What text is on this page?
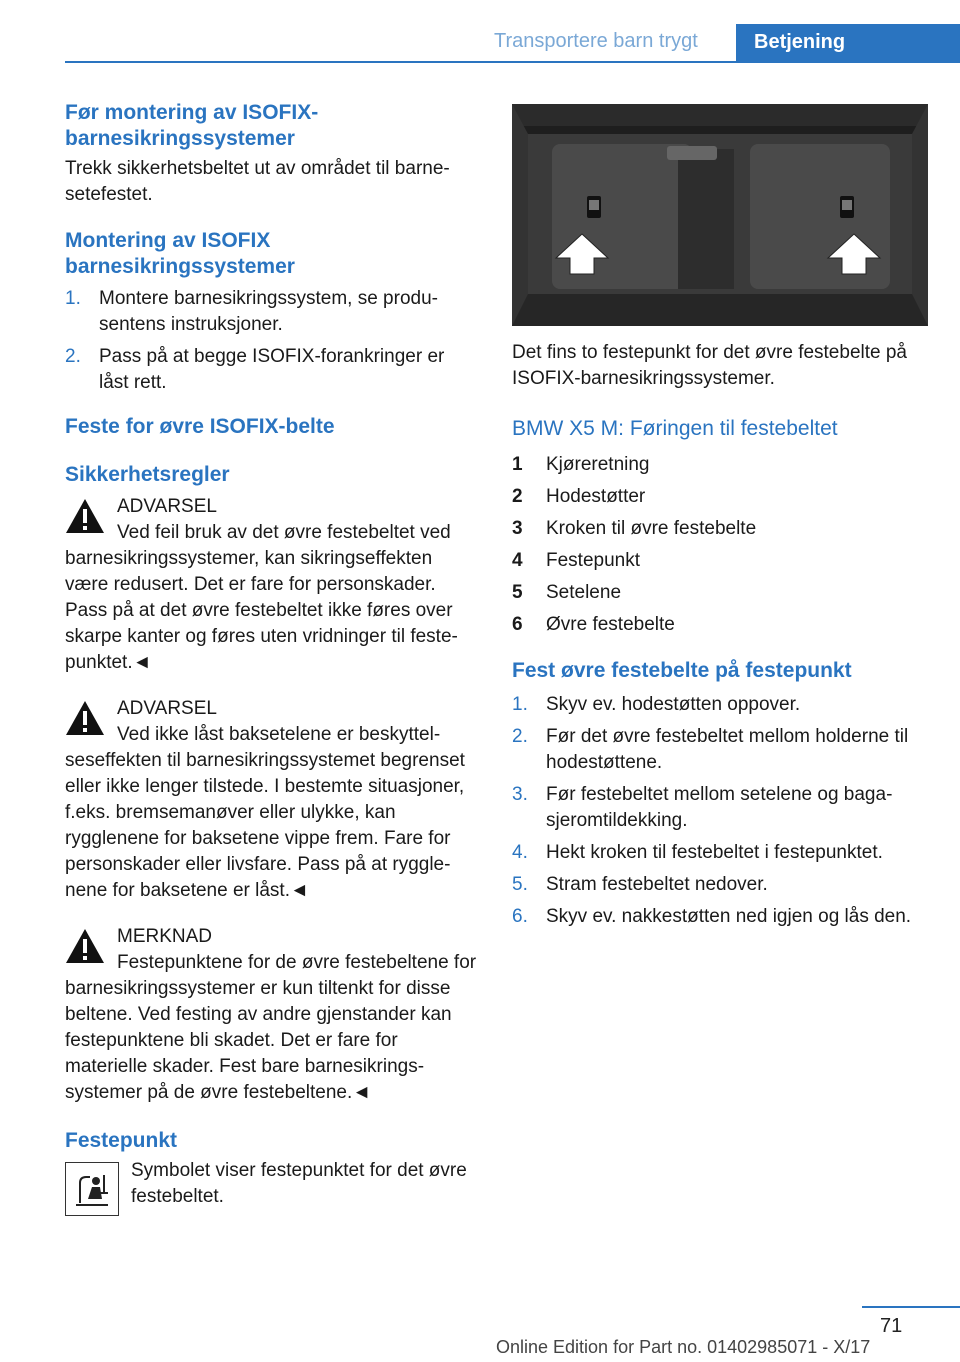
Transportere barn trygt	Betjening
Før montering av ISOFIX-barnesikringssystemer

Trekk sikkerhetsbeltet ut av området til barnesetefestet.

Montering av ISOFIX barnesikringssystemer
1. Montere barnesikringssystem, se produsentens instruksjoner.
2. Pass på at begge ISOFIX-forankringer er låst rett.
Feste for øvre ISOFIX-belte
Sikkerhetsregler

ADVARSEL

Ved feil bruk av det øvre festebeltet ved barnesikringssystemer, kan sikringseffekten være redusert. Det er fare for personskader. Pass på at det øvre festebeltet ikke føres over skarpe kanter og føres uten vridninger til festepunktet.◄

ADVARSEL

Ved ikke låst baksetelene er beskyttelseseffekten til barnesikringssystemet begrenset eller ikke lenger tilstede. I bestemte situasjoner, f.eks. bremsemanøver eller ulykke, kan rygglenene for baksetene vippe frem. Fare for personskader eller livsfare. Pass på at rygglenene for baksetene er låst.◄

MERKNAD

Festepunktene for de øvre festebeltene for barnesikringssystemer er kun tiltenkt for disse beltene. Ved festing av andre gjenstander kan festepunktene bli skadet. Det er fare for materielle skader. Fest bare barnesikringssystemer på de øvre festebeltene.◄

Festepunkt

Symbolet viser festepunktet for det øvre festebeltet.

Det fins to festepunkt for det øvre festebelte på ISOFIX-barnesikringssystemer.

BMW X5 M: Føringen til festebeltet
1 Kjøreretning
2 Hodestøtter
3 Kroken til øvre festebelte
4 Festepunkt
5 Setelene
6 Øvre festebelte
Fest øvre festebelte på festepunkt
1. Skyv ev. hodestøtten oppover.
2. Før det øvre festebeltet mellom holderne til hodestøttene.
3. Før festebeltet mellom setelene og bagasjeromtildekking.
4. Hekt kroken til festebeltet i festepunktet.
5. Stram festebeltet nedover.
6. Skyv ev. nakkestøtten ned igjen og lås den.
71
Online Edition for Part no. 01402985071 - X/17
